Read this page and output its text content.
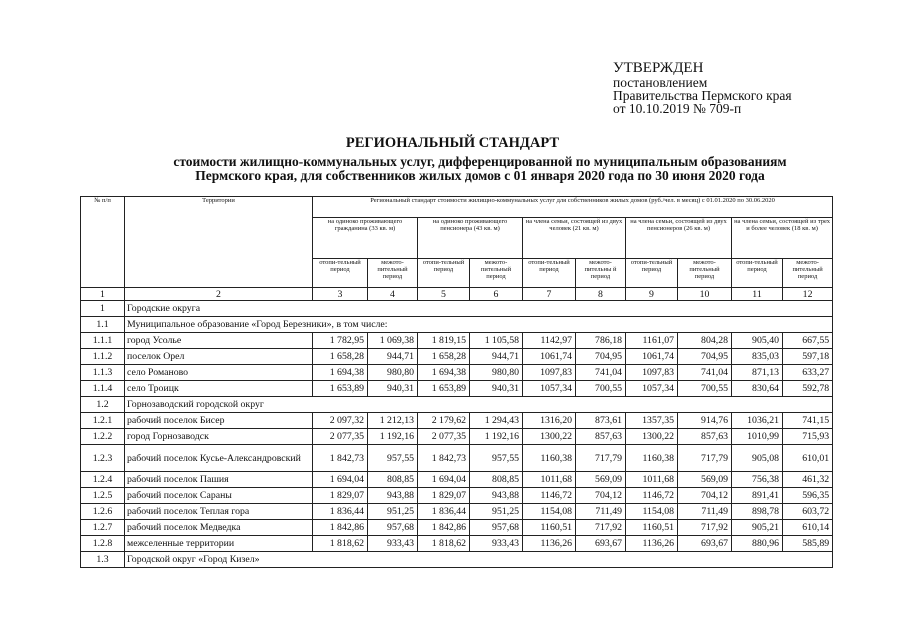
УТВЕРЖДЕН
постановлением
Правительства Пермского края
от 10.10.2019 № 709-п
РЕГИОНАЛЬНЫЙ СТАНДАРТ
стоимости жилищно-коммунальных услуг, дифференцированной по муниципальным образованиям
Пермского края, для собственников жилых домов с 01 января 2020 года по 30 июня 2020 года
№ п/п	Территории	Региональный стандарт стоимости жилищно-коммунальных услуг для собственников жилых домов (руб./чел. в месяц) с 01.01.2020 по 30.06.2020									
		на одиноко проживающего гражданина (33 кв. м)		на одиноко проживающего пенсионера (43 кв. м)		на члена семьи, состоящей из двух человек (21 кв. м)		на члена семьи, состоящей из двух пенсионеров (26 кв. м)		на члена семьи, состоящей из трех и более человек (18 кв. м)	
		отопи-тельный период	межото-пительный период	отопи-тельный период	межото-пительный период	отопи-тельный период	межото-пительны й период	отопи-тельный период	межото-пительный период	отопи-тельный период	межото-пительный период
1	2	3	4	5	6	7	8	9	10	11	12
1	Городские округа										
1.1	Муниципальное образование «Город Березники», в том числе:										
1.1.1	город Усолье	1 782,95	1 069,38	1 819,15	1 105,58	1142,97	786,18	1161,07	804,28	905,40	667,55
1.1.2	поселок Орел	1 658,28	944,71	1 658,28	944,71	1061,74	704,95	1061,74	704,95	835,03	597,18
1.1.3	село Романово	1 694,38	980,80	1 694,38	980,80	1097,83	741,04	1097,83	741,04	871,13	633,27
1.1.4	село Троицк	1 653,89	940,31	1 653,89	940,31	1057,34	700,55	1057,34	700,55	830,64	592,78
1.2	Горнозаводский городской округ										
1.2.1	рабочий поселок Бисер	2 097,32	1 212,13	2 179,62	1 294,43	1316,20	873,61	1357,35	914,76	1036,21	741,15
1.2.2	город Горнозаводск	2 077,35	1 192,16	2 077,35	1 192,16	1300,22	857,63	1300,22	857,63	1010,99	715,93
1.2.3	рабочий поселок Кусье-Александровский	1 842,73	957,55	1 842,73	957,55	1160,38	717,79	1160,38	717,79	905,08	610,01
1.2.4	рабочий поселок Пашия	1 694,04	808,85	1 694,04	808,85	1011,68	569,09	1011,68	569,09	756,38	461,32
1.2.5	рабочий поселок Сараны	1 829,07	943,88	1 829,07	943,88	1146,72	704,12	1146,72	704,12	891,41	596,35
1.2.6	рабочий поселок Теплая гора	1 836,44	951,25	1 836,44	951,25	1154,08	711,49	1154,08	711,49	898,78	603,72
1.2.7	рабочий поселок Медведка	1 842,86	957,68	1 842,86	957,68	1160,51	717,92	1160,51	717,92	905,21	610,14
1.2.8	межселенные территории	1 818,62	933,43	1 818,62	933,43	1136,26	693,67	1136,26	693,67	880,96	585,89
1.3	Городской округ «Город Кизел»										
